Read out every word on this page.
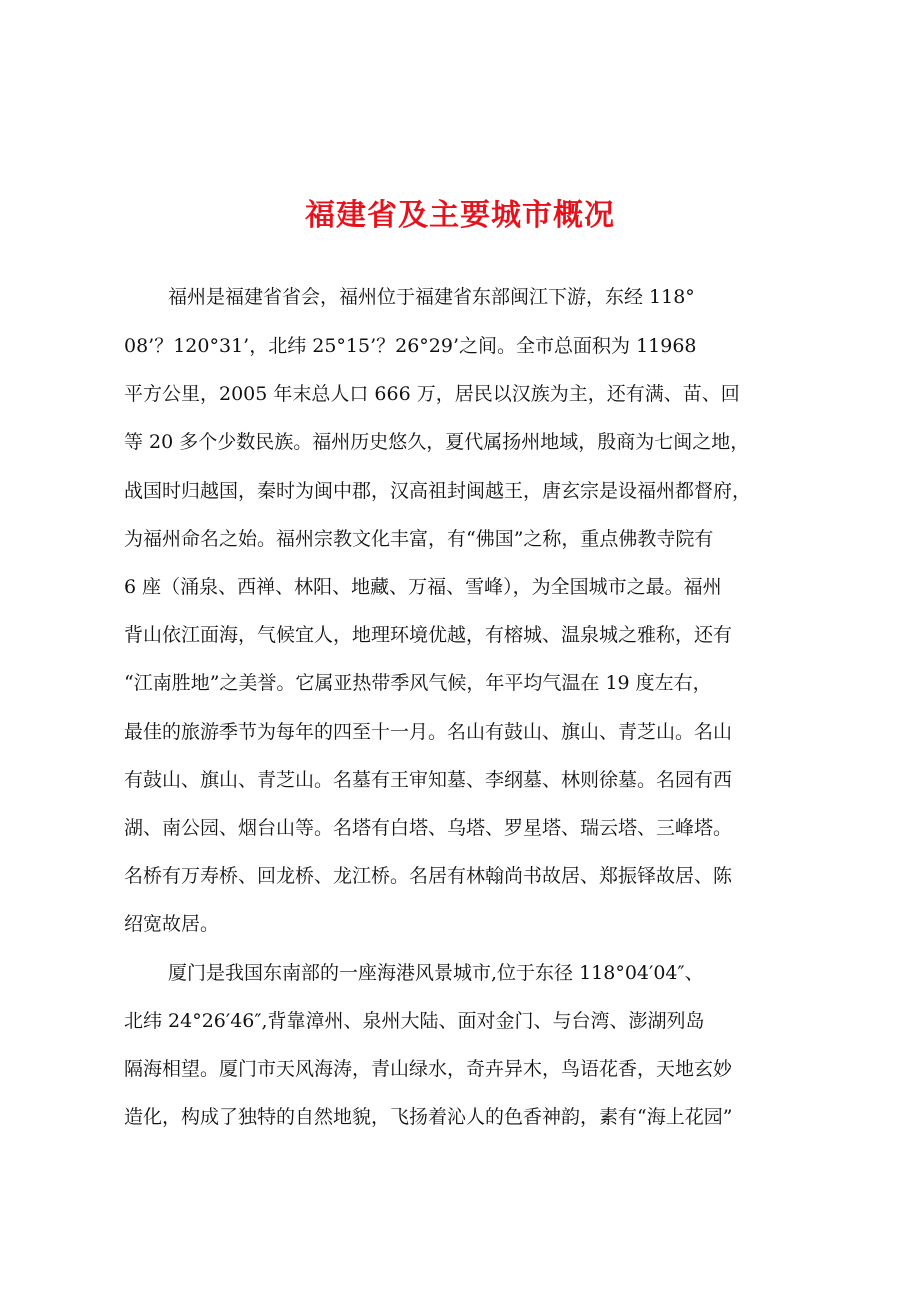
福建省及主要城市概况
福州是福建省省会，福州位于福建省东部闽江下游，东经 118°
08’？120°31’，北纬 25°15’？26°29’之间。全市总面积为 11968
平方公里，2005 年末总人口 666 万，居民以汉族为主，还有满、苗、回
等 20 多个少数民族。福州历史悠久，夏代属扬州地域，殷商为七闽之地，
战国时归越国，秦时为闽中郡，汉高祖封闽越王，唐玄宗是设福州都督府，
为福州命名之始。福州宗教文化丰富，有“佛国”之称，重点佛教寺院有
6 座（涌泉、西禅、林阳、地藏、万福、雪峰），为全国城市之最。福州
背山依江面海，气候宜人，地理环境优越，有榕城、温泉城之雅称，还有
“江南胜地”之美誉。它属亚热带季风气候，年平均气温在 19 度左右，
最佳的旅游季节为每年的四至十一月。名山有鼓山、旗山、青芝山。名山
有鼓山、旗山、青芝山。名墓有王审知墓、李纲墓、林则徐墓。名园有西
湖、南公园、烟台山等。名塔有白塔、乌塔、罗星塔、瑞云塔、三峰塔。
名桥有万寿桥、回龙桥、龙江桥。名居有林翰尚书故居、郑振铎故居、陈
绍宽故居。
厦门是我国东南部的一座海港风景城市,位于东径 118°04′04″、
北纬 24°26′46″,背靠漳州、泉州大陆、面对金门、与台湾、澎湖列岛
隔海相望。厦门市天风海涛，青山绿水，奇卉异木，鸟语花香，天地玄妙
造化，构成了独特的自然地貌，飞扬着沁人的色香神韵，素有“海上花园”
